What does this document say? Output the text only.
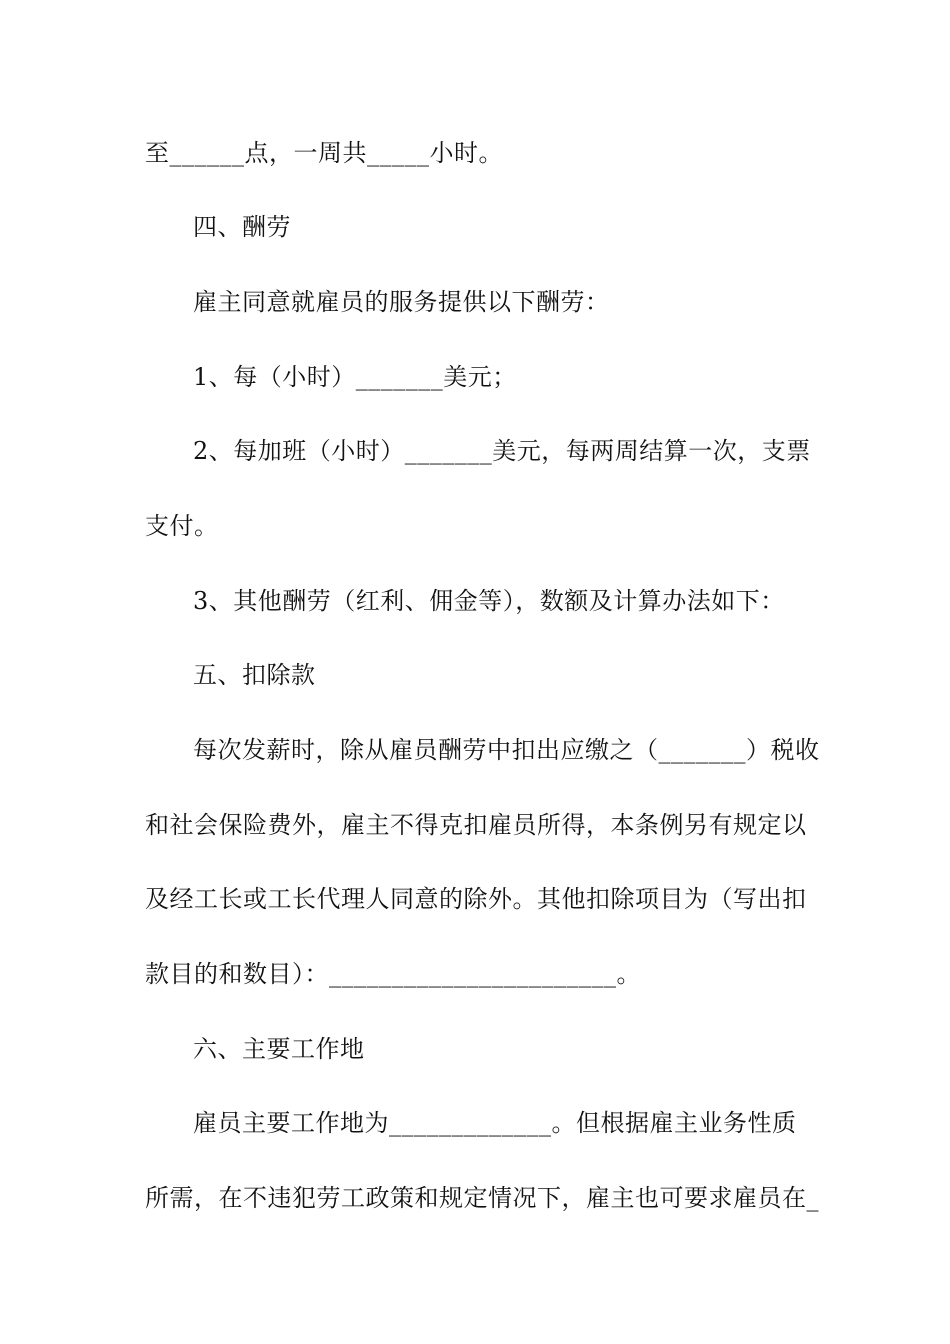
至______点，一周共_____小时。
四、酬劳
雇主同意就雇员的服务提供以下酬劳：
1、每（小时）_______美元；
2、每加班（小时）_______美元，每两周结算一次，支票
支付。
3、其他酬劳（红利、佣金等），数额及计算办法如下：
五、扣除款
每次发薪时，除从雇员酬劳中扣出应缴之（_______）税收
和社会保险费外，雇主不得克扣雇员所得，本条例另有规定以
及经工长或工长代理人同意的除外。其他扣除项目为（写出扣
款目的和数目）：_______________________。
六、主要工作地
雇员主要工作地为_____________。但根据雇主业务性质
所需，在不违犯劳工政策和规定情况下，雇主也可要求雇员在_
